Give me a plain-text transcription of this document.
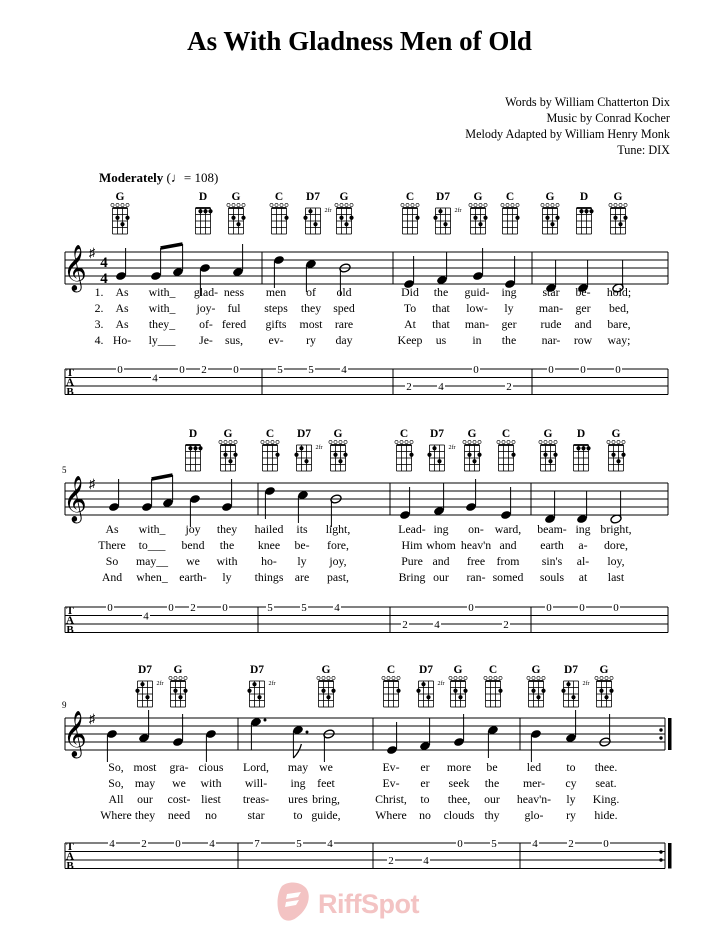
As With Gladness Men of Old
Words by William Chatterton Dix
Music by Conrad Kocher
Melody Adapted by William Henry Monk
Tune: DIX
Moderately (♩= 108)
G	D G	C D7
2fr
G	C D7
2fr
G C	G D G
𝄞 ♯
4
4
1. As with_ glad- ness men of old	Did the guid- ing star be- hold;
2. As with_ joy- ful steps they sped	To that low- ly man- ger bed,
3. As they_ of- fered gifts most rare	At that man- ger rude and bare,
4. Ho- ly___ Je- sus, ev- ry day	Keep us in the nar- row way;
T
A
B
0
4
0 2 0	5 5	4
2 4
0
2
0 0	0
5
D G	C D7
2fr
G	C D7
2fr
G C	G D G
𝄞 ♯
As with_ joy they hailed its light,	Lead- ing on- ward, beam- ing bright,
There to___ bend the knee be- fore,	Him whom heav'n and earth a- dore,
So may__ we with ho- ly joy,	Pure and free from sin's al- loy,
And when_ earth- ly things are past,	Bring our ran- somed souls at last
T
A
B
0
4
0 2 0	5	5	4
2 4
0
2
0	0	0
9
D7
2fr
G	D7
2fr
G	C D7
2fr
G C	G D7
2fr
G
𝄞 ♯
So, most gra- cious Lord, may we	Ev- er more be led to thee.
So, may we with will- ing feet	Ev- er seek the mer- cy seat.
All our cost- liest treas- ures bring,	Christ, to thee, our heav'n- ly King.
Where they need no	star to guide,	Where no clouds thy glo- ry hide.
T
A
B
4 2	0	4	7	5 4
2	4
0	5	4	2	0
RiffSpot
